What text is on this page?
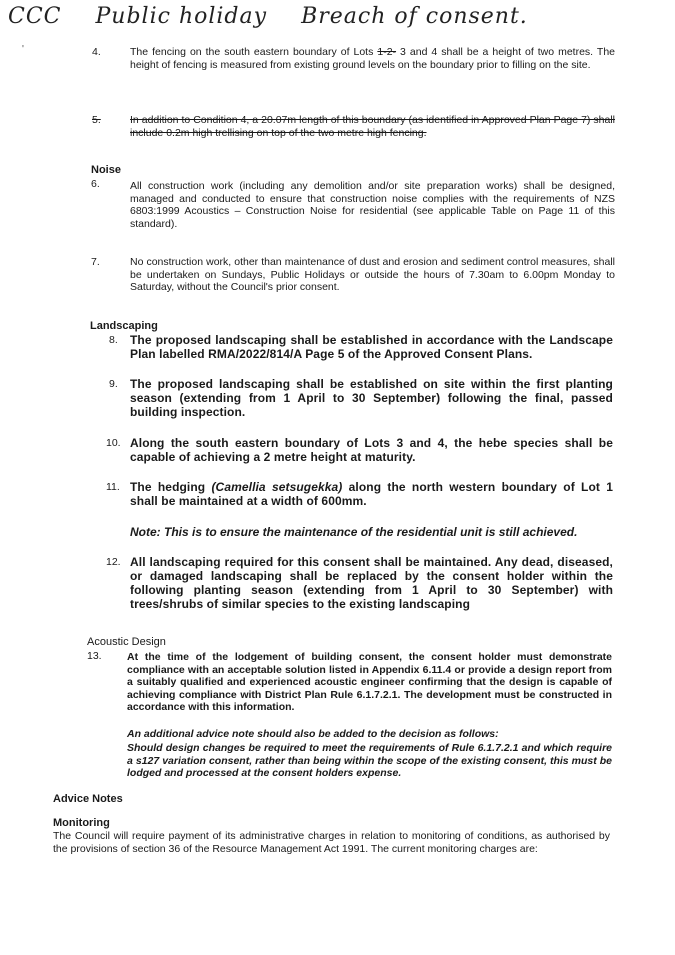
CCC Public holiday Breach of consent.
'	4.	The fencing on the south eastern boundary of Lots 1-2- 3 and 4 shall be a height of two metres. The height of fencing is measured from existing ground levels on the boundary prior to filling on the site.
5.	In addition to Condition 4, a 20.07m length of this boundary (as identified in Approved Plan Page 7) shall include 0.2m high trellising on top of the two metre high fencing.
Noise
6.	All construction work (including any demolition and/or site preparation works) shall be designed, managed and conducted to ensure that construction noise complies with the requirements of NZS 6803:1999 Acoustics – Construction Noise for residential (see applicable Table on Page 11 of this standard).
7.	No construction work, other than maintenance of dust and erosion and sediment control measures, shall be undertaken on Sundays, Public Holidays or outside the hours of 7.30am to 6.00pm Monday to Saturday, without the Council's prior consent.
Landscaping
8. The proposed landscaping shall be established in accordance with the Landscape Plan labelled RMA/2022/814/A Page 5 of the Approved Consent Plans.
9. The proposed landscaping shall be established on site within the first planting season (extending from 1 April to 30 September) following the final, passed building inspection.
10. Along the south eastern boundary of Lots 3 and 4, the hebe species shall be capable of achieving a 2 metre height at maturity.
11. The hedging (Camellia setsugekka) along the north western boundary of Lot 1 shall be maintained at a width of 600mm.
Note: This is to ensure the maintenance of the residential unit is still achieved.
12. All landscaping required for this consent shall be maintained. Any dead, diseased, or damaged landscaping shall be replaced by the consent holder within the following planting season (extending from 1 April to 30 September) with trees/shrubs of similar species to the existing landscaping
Acoustic Design
13. At the time of the lodgement of building consent, the consent holder must demonstrate compliance with an acceptable solution listed in Appendix 6.11.4 or provide a design report from a suitably qualified and experienced acoustic engineer confirming that the design is capable of achieving compliance with District Plan Rule 6.1.7.2.1. The development must be constructed in accordance with this information.
An additional advice note should also be added to the decision as follows:
Should design changes be required to meet the requirements of Rule 6.1.7.2.1 and which require a s127 variation consent, rather than being within the scope of the existing consent, this must be lodged and processed at the consent holders expense.
Advice Notes
Monitoring
The Council will require payment of its administrative charges in relation to monitoring of conditions, as authorised by the provisions of section 36 of the Resource Management Act 1991. The current monitoring charges are:
